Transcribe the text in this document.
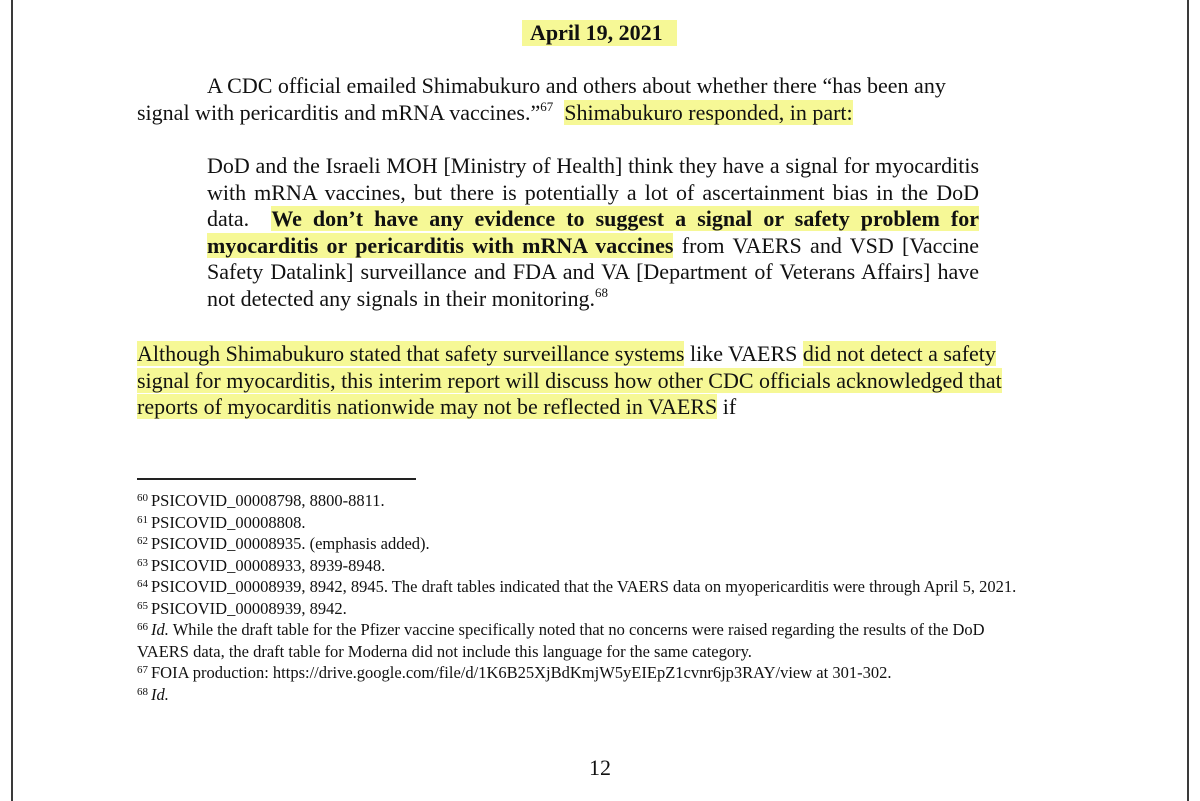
April 19, 2021

A CDC official emailed Shimabukuro and others about whether there “has been any signal with pericarditis and mRNA vaccines.”$^{67}$ Shimabukuro responded, in part:

DoD and the Israeli MOH [Ministry of Health] think they have a signal for myocarditis with mRNA vaccines, but there is potentially a lot of ascertainment bias in the DoD data. We don’t have any evidence to suggest a signal or safety problem for myocarditis or pericarditis with mRNA vaccines from VAERS and VSD [Vaccine Safety Datalink] surveillance and FDA and VA [Department of Veterans Affairs] have not detected any signals in their monitoring.$^{68}$

Although Shimabukuro stated that safety surveillance systems like VAERS did not detect a safety signal for myocarditis, this interim report will discuss how other CDC officials acknowledged that reports of myocarditis nationwide may not be reflected in VAERS if

$^{60}$ PSICOVID_00008798, 8800-8811.
$^{61}$ PSICOVID_00008808.
$^{62}$ PSICOVID_00008935. (emphasis added).
$^{63}$ PSICOVID_00008933, 8939-8948.
$^{64}$ PSICOVID_00008939, 8942, 8945. The draft tables indicated that the VAERS data on myopericarditis were through April 5, 2021.
$^{65}$ PSICOVID_00008939, 8942.
$^{66}$ Id. While the draft table for the Pfizer vaccine specifically noted that no concerns were raised regarding the results of the DoD VAERS data, the draft table for Moderna did not include this language for the same category.
$^{67}$ FOIA production: https://drive.google.com/file/d/1K6B25XjBdKmjW5yEIEpZ1cvnr6jp3RAY/view at 301-302.
$^{68}$ Id.
12
